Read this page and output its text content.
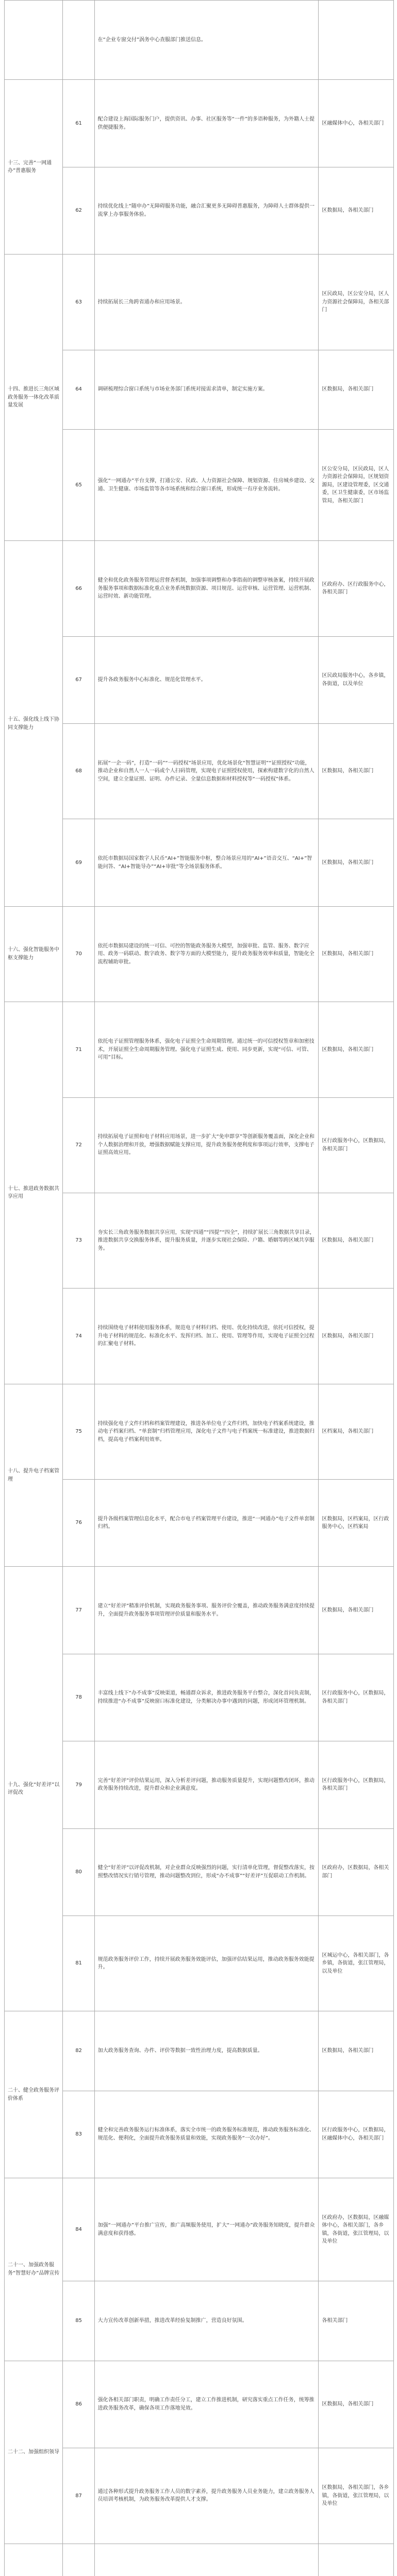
		在“企业专窗交付”涡务中心查服部门推送信息。	
十三、完善“一网通办”普惠服务	61	配合建设上海国际服务门户，提供资讯、办事、社区服务等“一件”的多语种服务，为外籍人士提供便捷服务。	区融媒体中心，各相关部门
	62	持续优化线上“随申办”无障碍服务功能，融合汇聚更多无障碍普惠服务，为障碍人士群体提供一流掌上办事服务体验。	区数据局，各相关部门
十四、推进长三角区域政务服务一体化改革质量发展	63	持续拓展长三角跨省通办和应用场景。	区民政局，区公安分局，区人力资源社会保障局，各相关部门
	64	调研梳理综合窗口系统与市场业务部门系统对接需求清单，制定实施方案。	区数据局，各相关部门
	65	强化“一网通办”平台支撑，打通公安、民政、人力资源社会保障、规划资源、住房城乡建设、交通、卫生健康、市场监管等各市场系统和综合窗口系统，形成统一有序业务流转。	区公安分局，区民政局，区人力资源社会保障局，区规划资源局，区建设管理委，区交通委，区卫生健康委，区市场监管局，各相关部门
十五、强化线上线下协同支撑能力	66	健全和优化政务服务管理运营督查机制，加强事项调整和办事指南的调整审核备案，持续开展政务服务事项和数据标准化重点业务系统数据资源、项目规范、运营审核、运营管理、运营机制、运营时效、新功能管理。	区政府办、区行政服务中心，各相关部门
	67	提升各政务服务中心标准化、规范化管理水平。	区民政局服务中心，各乡镇，各街道，以及单位
	68	拓展“一企一码”，打造“一码”“一码授权”场景应用，优化场景化“智慧证明”“证照授权”功能，推动企业和自然人一人一码或个人扫码管理，实现电子证照授权使用，探索构建数字化的自然人空间，建立全量证照、证明、办件记录、全量信息数据和材料授权等“一码授权”体系。	区数据局，各相关部门
	69	依托市数据局国家数字人民币“AI+”智能服务中枢，整合场景应用的“AI+”语音交互、“AI+”智能问答、“AI+智能导办”“AI+审批”等全场景服务体系。	区数据局，各相关部门
十六、强化智能服务中枢支撑能力	70	依托市数据局建设的统一可信、可控的智能政务服务大模型，加强审批、监管、服务、数字应用、政务一码联动、数字政务、数字等方面的大模型能力，提升政务服务效率和质量，智能化全流程辅助审批。	区数据局，各相关部门
十七、推进政务数据共享应用	71	依托电子证照管理服务体系，强化电子证照全生命周期管理。通过统一的可信授权签章和加密技术，开展证照全生命周期服务管理。强化电子证照生成、使用、同步更新，实现“可信、可管、可用”目标。	区数据局，各相关部门
	72	持续拓展电子证照和电子材料应用场景，进一步扩大“免申即享”等创新服务覆盖面，深化企业和个人数据治理和开放，增强数据赋能支撑应用，提升政务服务便利度和事项运行效率，支撑电子证照高效应用。	区行政服务中心，区数据局，各相关部门
	73	夯实长三角政务服务数据共享应用，实现“四通”“四提”“四全”，持续扩展长三角数据共享目录，推进数据共享交换服务体系，提升服务质量，并逐步实现社会保险、户籍、婚姻等跨区域共享服务。	区数据局，各相关部门
	74	持续围绕电子材料使用服务体系，规范电子材料归档、使用、优化持续改进，依托可信授权，提升电子材料的规范化、标准化水平、发挥归档、加工、使用、管理等作用，实现电子证照全过程的汇聚电子材料。	区数据局，各相关部门
十八、提升电子档案管理	75	持续强化电子文件归档和档案管理建设，推进各单位电子文件归档，加快电子档案系统建设，推动电子档案归档、“单套制”归档管理应用，深化电子文件与电子档案统一标准建设，推进数据归档，提高电子档案利用效率。	区档案局，各相关部门
	76	提升各级档案管理信息化水平，配合市电子档案管理平台建设，推进“一网通办”电子文件单套制归档。	区数据局，区档案局，区行政服务中心，区档案局
十九、强化“好差评”以评促改	77	建立“好差评”精准评价机制，实现政务服务事项、服务评价全覆盖，推动政务服务满意度持续提升，全面提升政务服务事项管理评价质量和服务水平。	区数据局，各相关部门
	78	丰富线上线下“办不成事”反映渠道，畅通群众诉求，推进政务服务平台整合，深化首问负责制，持续推进“办不成事”反映窗口标准化建设，分类解决办事中遇到的问题，形成闭环管理机制。	区行政服务中心，区数据局，各相关部门
	79	完善“好差评”评价结果运用，深入分析差评问题，推动服务质量提升，实现问题整改闭环，推动政务服务持续改进，提升群众和企业满意度。	区行政服务中心，区数据局，各相关部门
	80	健全“好差评”以评促改机制，对企业群众反映强烈的问题，实行清单化管理，督促整改落实，按照整改情况实行销号管理，推动问题整改到位，形成“办不成事”“好差评”互促联动工作机制。	区政府办，区数据局，各相关部门
	81	规范政务服务评价工作，持续开展政务服务效能评估，加强评估结果运用，推动政务服务效能提升。	区城运中心，各相关部门，各乡镇，各街道，张江管理局，以及单位
二十、健全政务服务评价体系	82	加大政务服务查询、办件、评价等数据一致性治理力度，提高数据质量。	区数据局，各相关部门
	83	健全和完善政务服务运行标准体系，落实全市统一的政务服务标准规范，推动政务服务标准化、规范化、便利化，全面提升政务服务质量和效能，实现政务服务“一次办好”。	区行政服务中心，区数据局，区融媒体中心，各相关部门
二十一、加强政务服务“智慧好办”品牌宣传	84	加强“一网通办”平台推广宣传，推广高频服务使用，扩大“一网通办”政务服务知晓度，提升群众满意度和获得感。	区政府办，区数据局，区融媒体中心，各相关部门，各乡镇，各街道，张江管理局，以及单位
	85	大力宣传改革创新举措，推进改革经验复制推广，营造良好氛围。	各相关部门
二十二、加强组织领导	86	强化各相关部门职责，明确工作责任分工，建立工作推进机制，研究落实重点工作任务，统筹推进政务服务改革，确保各项工作落地见效。	区数据局，各相关部门
	87	通过各种形式提升政务服务工作人员的数字素养，提升政务服务人员业务能力，建立政务服务人员培训考核机制，为政务服务改革提供人才支撑。	区数据局，各相关部门，各乡镇，各街道，张江管理局，以及单位
